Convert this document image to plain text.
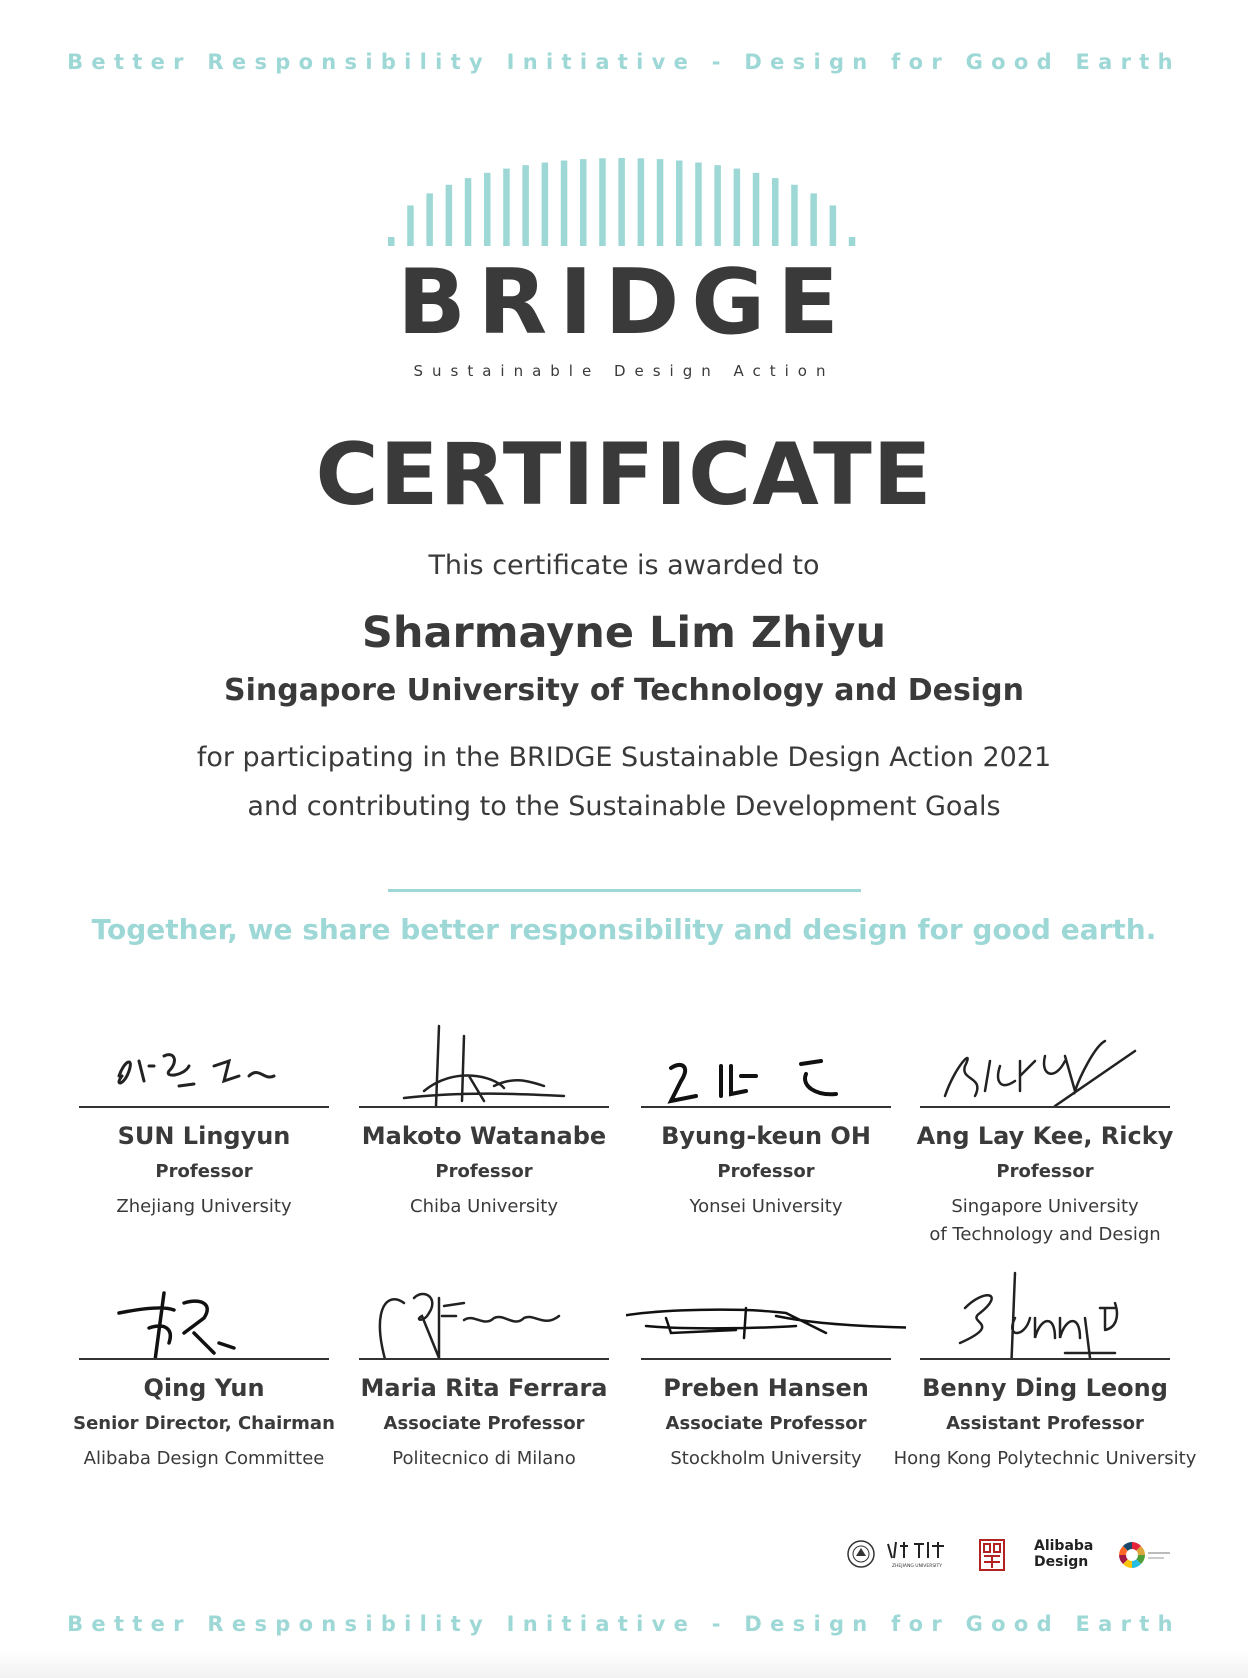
Better Responsibility Initiative - Design for Good Earth
BRIDGE
Sustainable Design Action
CERTIFICATE
This certificate is awarded to
Sharmayne Lim Zhiyu
Singapore University of Technology and Design
for participating in the BRIDGE Sustainable Design Action 2021
and contributing to the Sustainable Development Goals
Together, we share better responsibility and design for good earth.
SUN Lingyun
Professor
Zhejiang University
Makoto Watanabe
Professor
Chiba University
Byung-keun OH
Professor
Yonsei University
Ang Lay Kee, Ricky
Professor
Singapore University
of Technology and Design
Qing Yun
Senior Director, Chairman
Alibaba Design Committee
Maria Rita Ferrara
Associate Professor
Politecnico di Milano
Preben Hansen
Associate Professor
Stockholm University
Benny Ding Leong
Assistant Professor
Hong Kong Polytechnic University
ZHEJIANG UNIVERSITY
Alibaba
Design
Better Responsibility Initiative - Design for Good Earth
